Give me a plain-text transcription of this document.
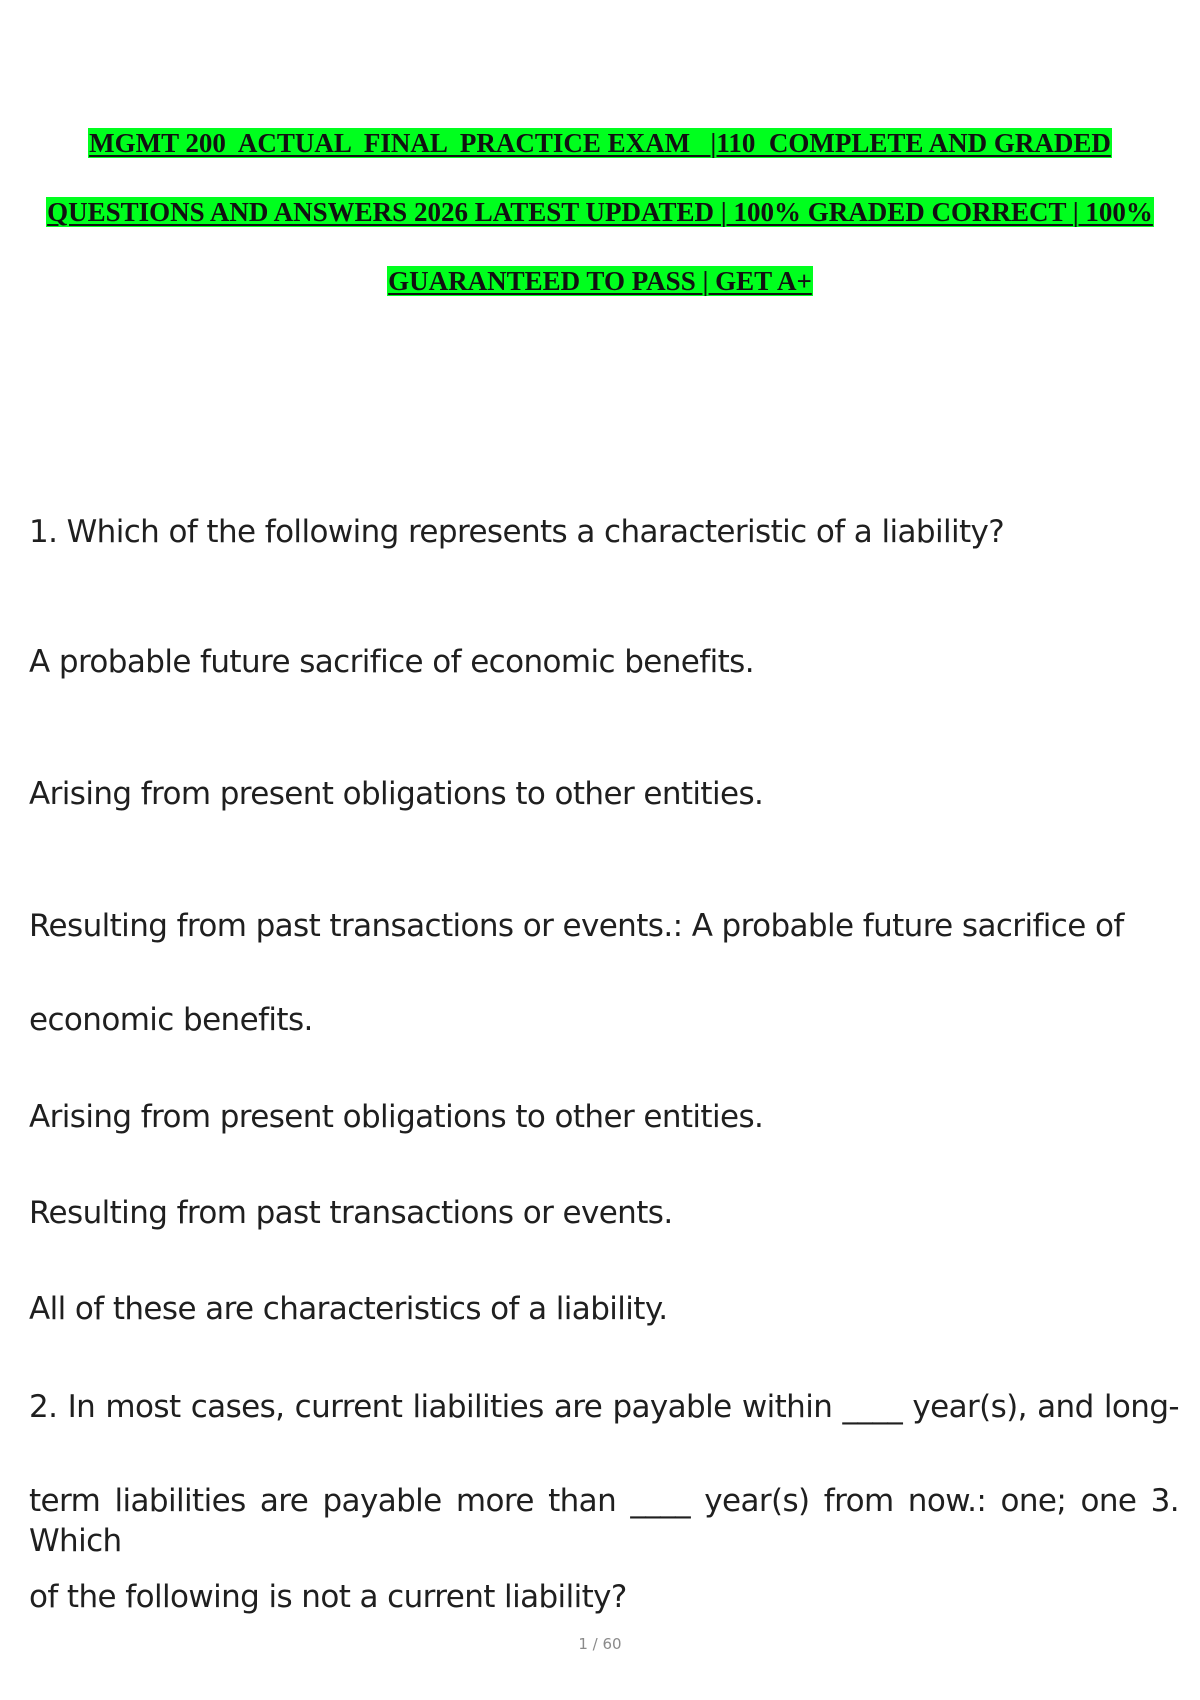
MGMT 200  ACTUAL  FINAL  PRACTICE EXAM   |110  COMPLETE AND GRADED
QUESTIONS AND ANSWERS 2026 LATEST UPDATED | 100% GRADED CORRECT | 100%
GUARANTEED TO PASS | GET A+
1. Which of the following represents a characteristic of a liability?
A probable future sacrifice of economic benefits.
Arising from present obligations to other entities.
Resulting from past transactions or events.: A probable future sacrifice of
economic benefits.
Arising from present obligations to other entities.
Resulting from past transactions or events.
All of these are characteristics of a liability.
2. In most cases, current liabilities are payable within ____ year(s), and long-
term liabilities are payable more than ____ year(s) from now.: one; one 3. Which
of the following is not a current liability?
1 / 60
